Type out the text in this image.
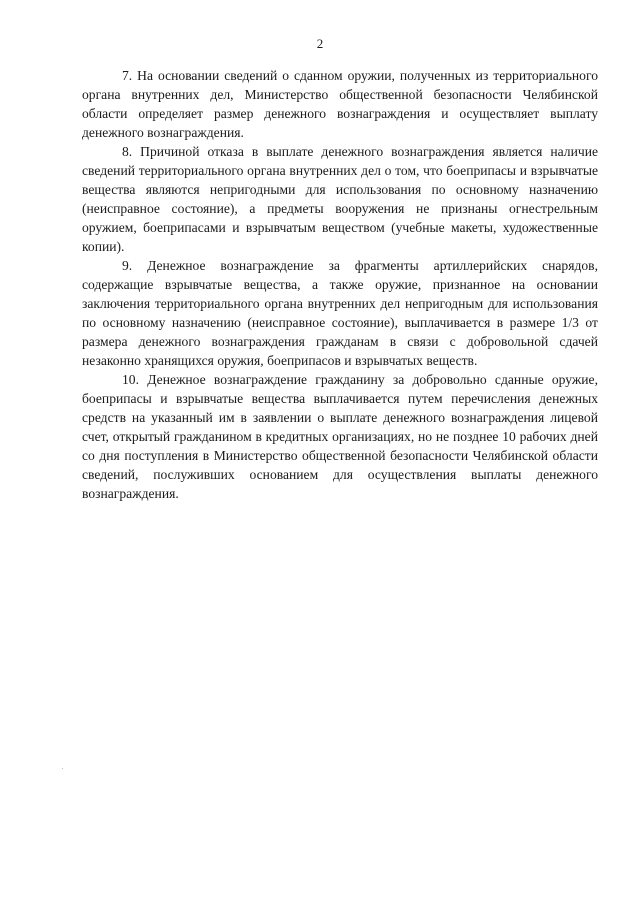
2

7. На основании сведений о сданном оружии, полученных из территориального органа внутренних дел, Министерство общественной безопасности Челябинской области определяет размер денежного вознаграждения и осуществляет выплату денежного вознаграждения.

8. Причиной отказа в выплате денежного вознаграждения является наличие сведений территориального органа внутренних дел о том, что боеприпасы и взрывчатые вещества являются непригодными для использования по основному назначению (неисправное состояние), а предметы вооружения не признаны огнестрельным оружием, боеприпасами и взрывчатым веществом (учебные макеты, художественные копии).

9. Денежное вознаграждение за фрагменты артиллерийских снарядов, содержащие взрывчатые вещества, а также оружие, признанное на основании заключения территориального органа внутренних дел непригодным для использования по основному назначению (неисправное состояние), выплачивается в размере 1/3 от размера денежного вознаграждения гражданам в связи с добровольной сдачей незаконно хранящихся оружия, боеприпасов и взрывчатых веществ.

10. Денежное вознаграждение гражданину за добровольно сданные оружие, боеприпасы и взрывчатые вещества выплачивается путем перечисления денежных средств на указанный им в заявлении о выплате денежного вознаграждения лицевой счет, открытый гражданином в кредитных организациях, но не позднее 10 рабочих дней со дня поступления в Министерство общественной безопасности Челябинской области сведений, послуживших основанием для осуществления выплаты денежного вознаграждения.
